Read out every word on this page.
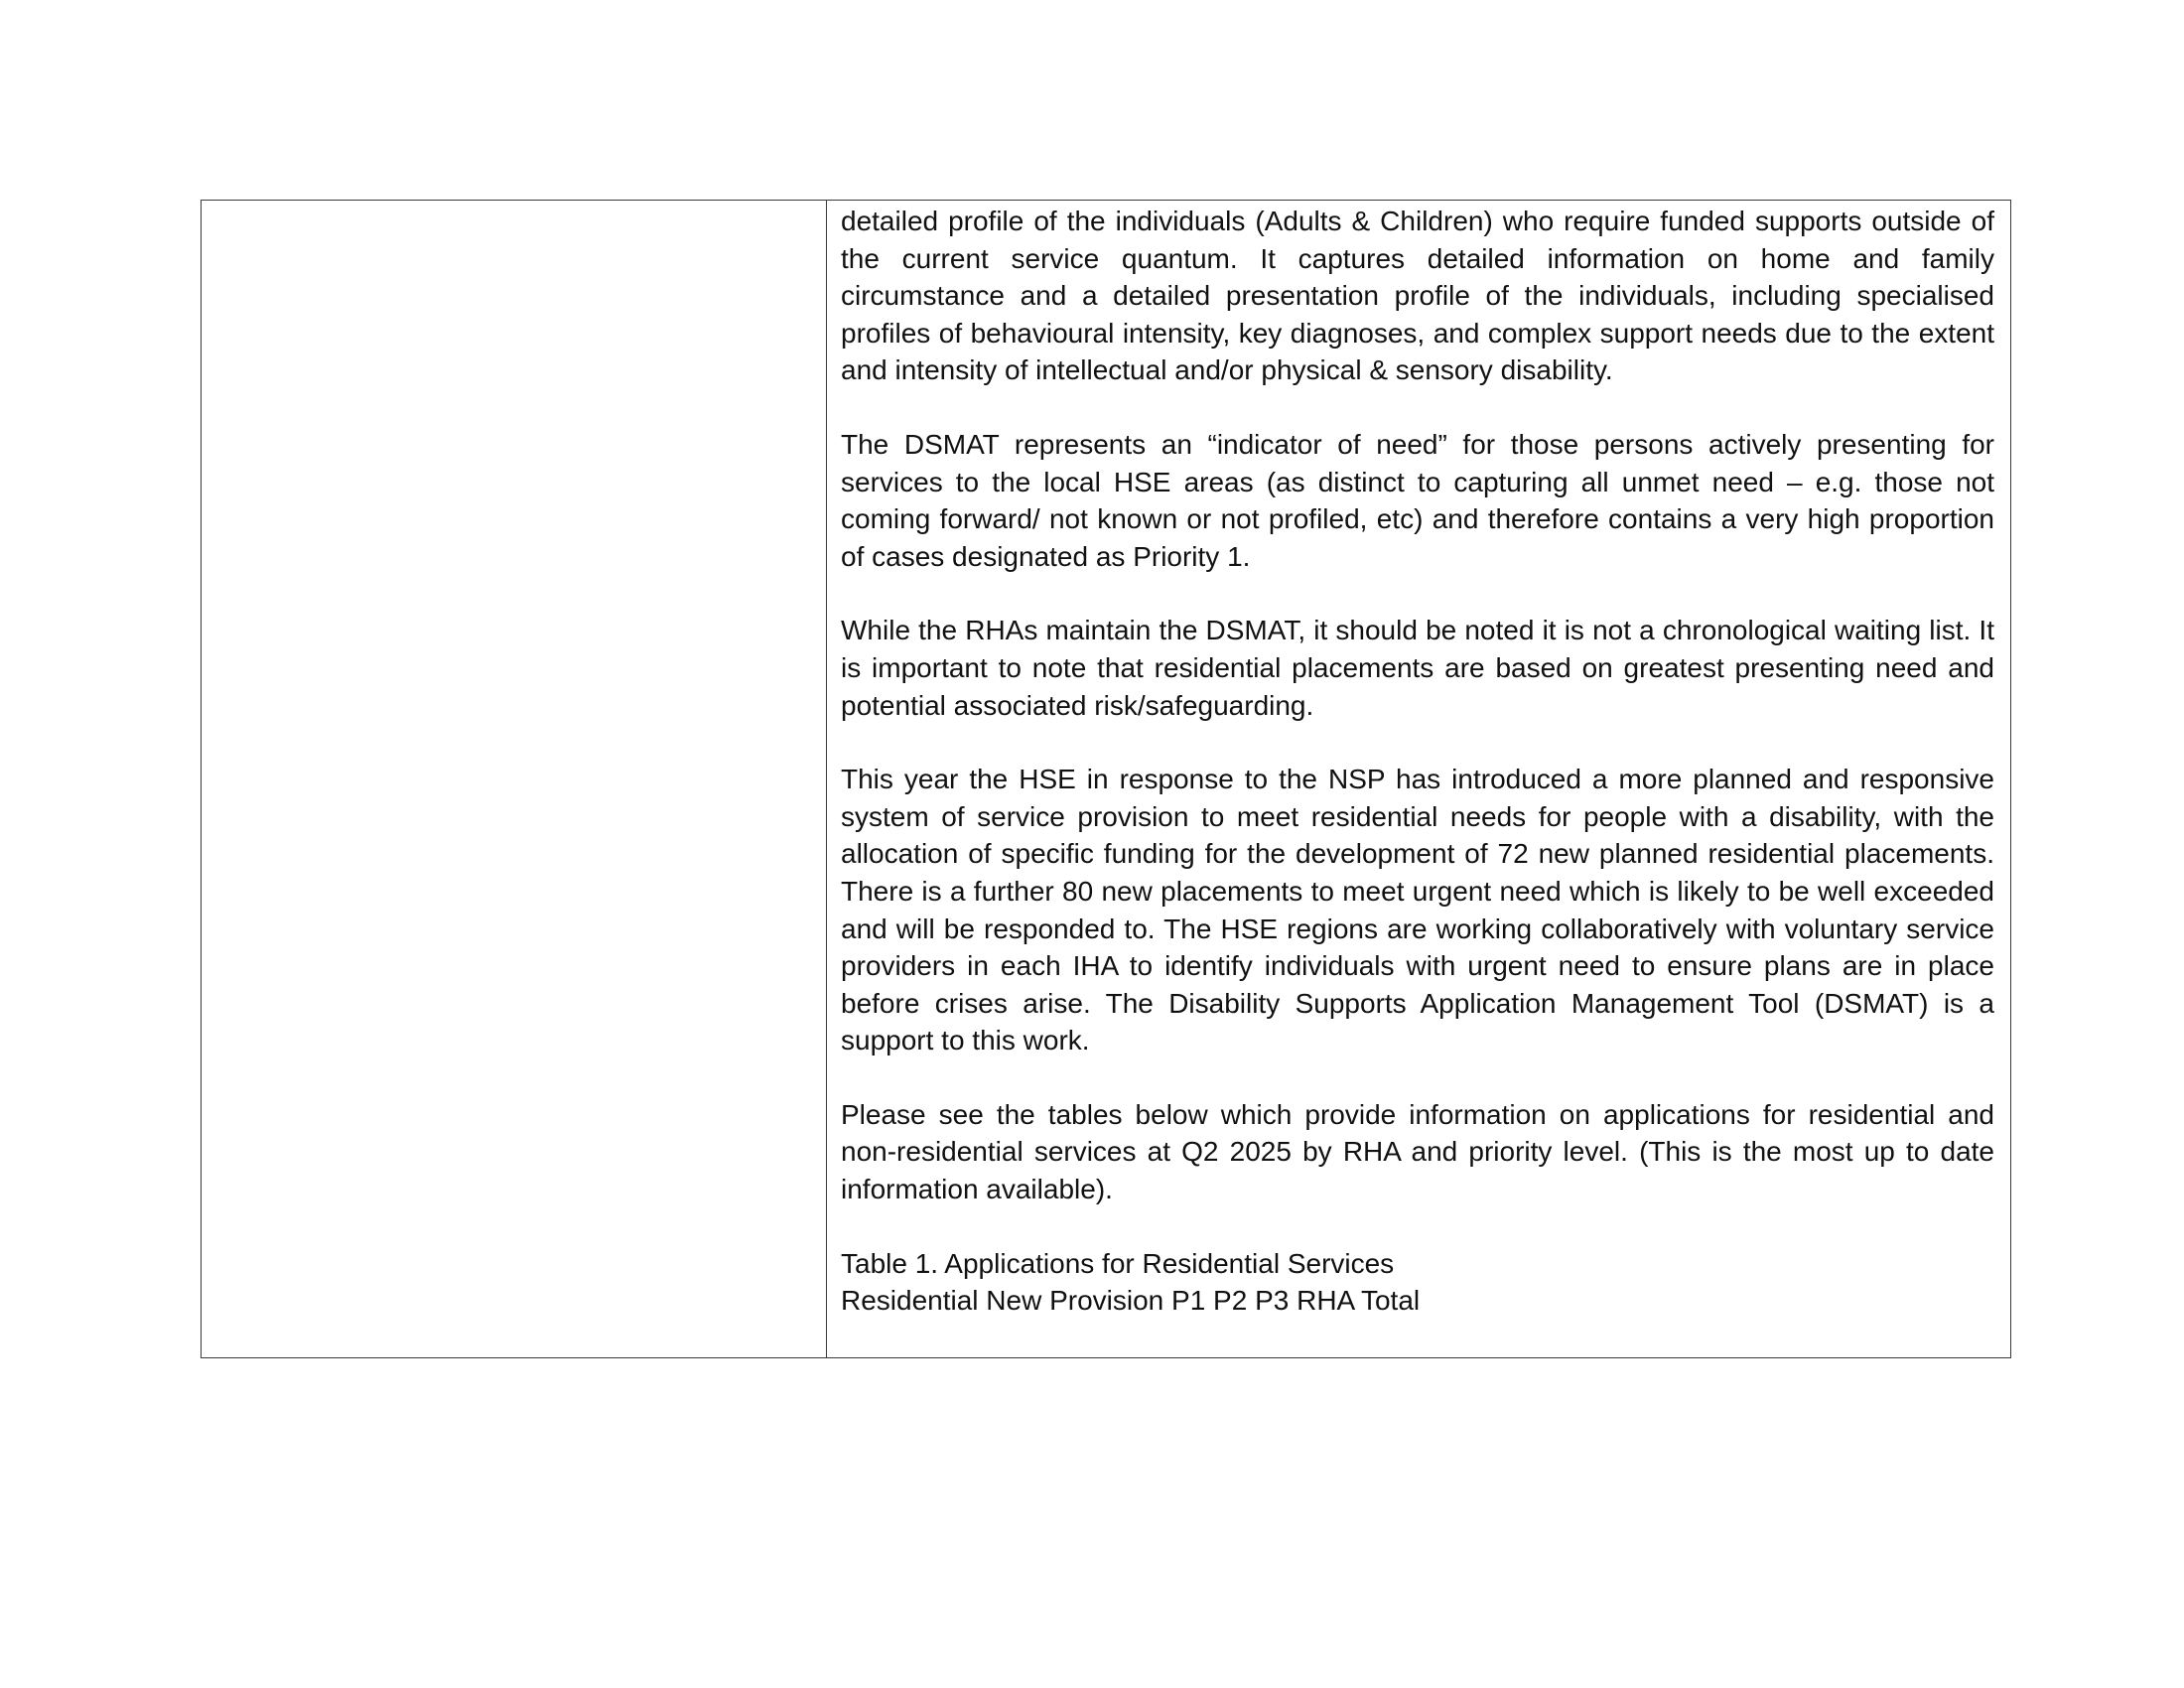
detailed profile of the individuals (Adults & Children) who require funded supports outside of the current service quantum. It captures detailed information on home and family circumstance and a detailed presentation profile of the individuals, including specialised profiles of behavioural intensity, key diagnoses, and complex support needs due to the extent and intensity of intellectual and/or physical & sensory disability.

The DSMAT represents an “indicator of need” for those persons actively presenting for services to the local HSE areas (as distinct to capturing all unmet need – e.g. those not coming forward/ not known or not profiled, etc) and therefore contains a very high proportion of cases designated as Priority 1.

While the RHAs maintain the DSMAT, it should be noted it is not a chronological waiting list. It is important to note that residential placements are based on greatest presenting need and potential associated risk/safeguarding.

This year the HSE in response to the NSP has introduced a more planned and responsive system of service provision to meet residential needs for people with a disability, with the allocation of specific funding for the development of 72 new planned residential placements. There is a further 80 new placements to meet urgent need which is likely to be well exceeded and will be responded to. The HSE regions are working collaboratively with voluntary service providers in each IHA to identify individuals with urgent need to ensure plans are in place before crises arise. The Disability Supports Application Management Tool (DSMAT) is a support to this work.

Please see the tables below which provide information on applications for residential and non-residential services at Q2 2025 by RHA and priority level. (This is the most up to date information available).

Table 1. Applications for Residential Services

Residential New Provision P1 P2 P3 RHA Total
